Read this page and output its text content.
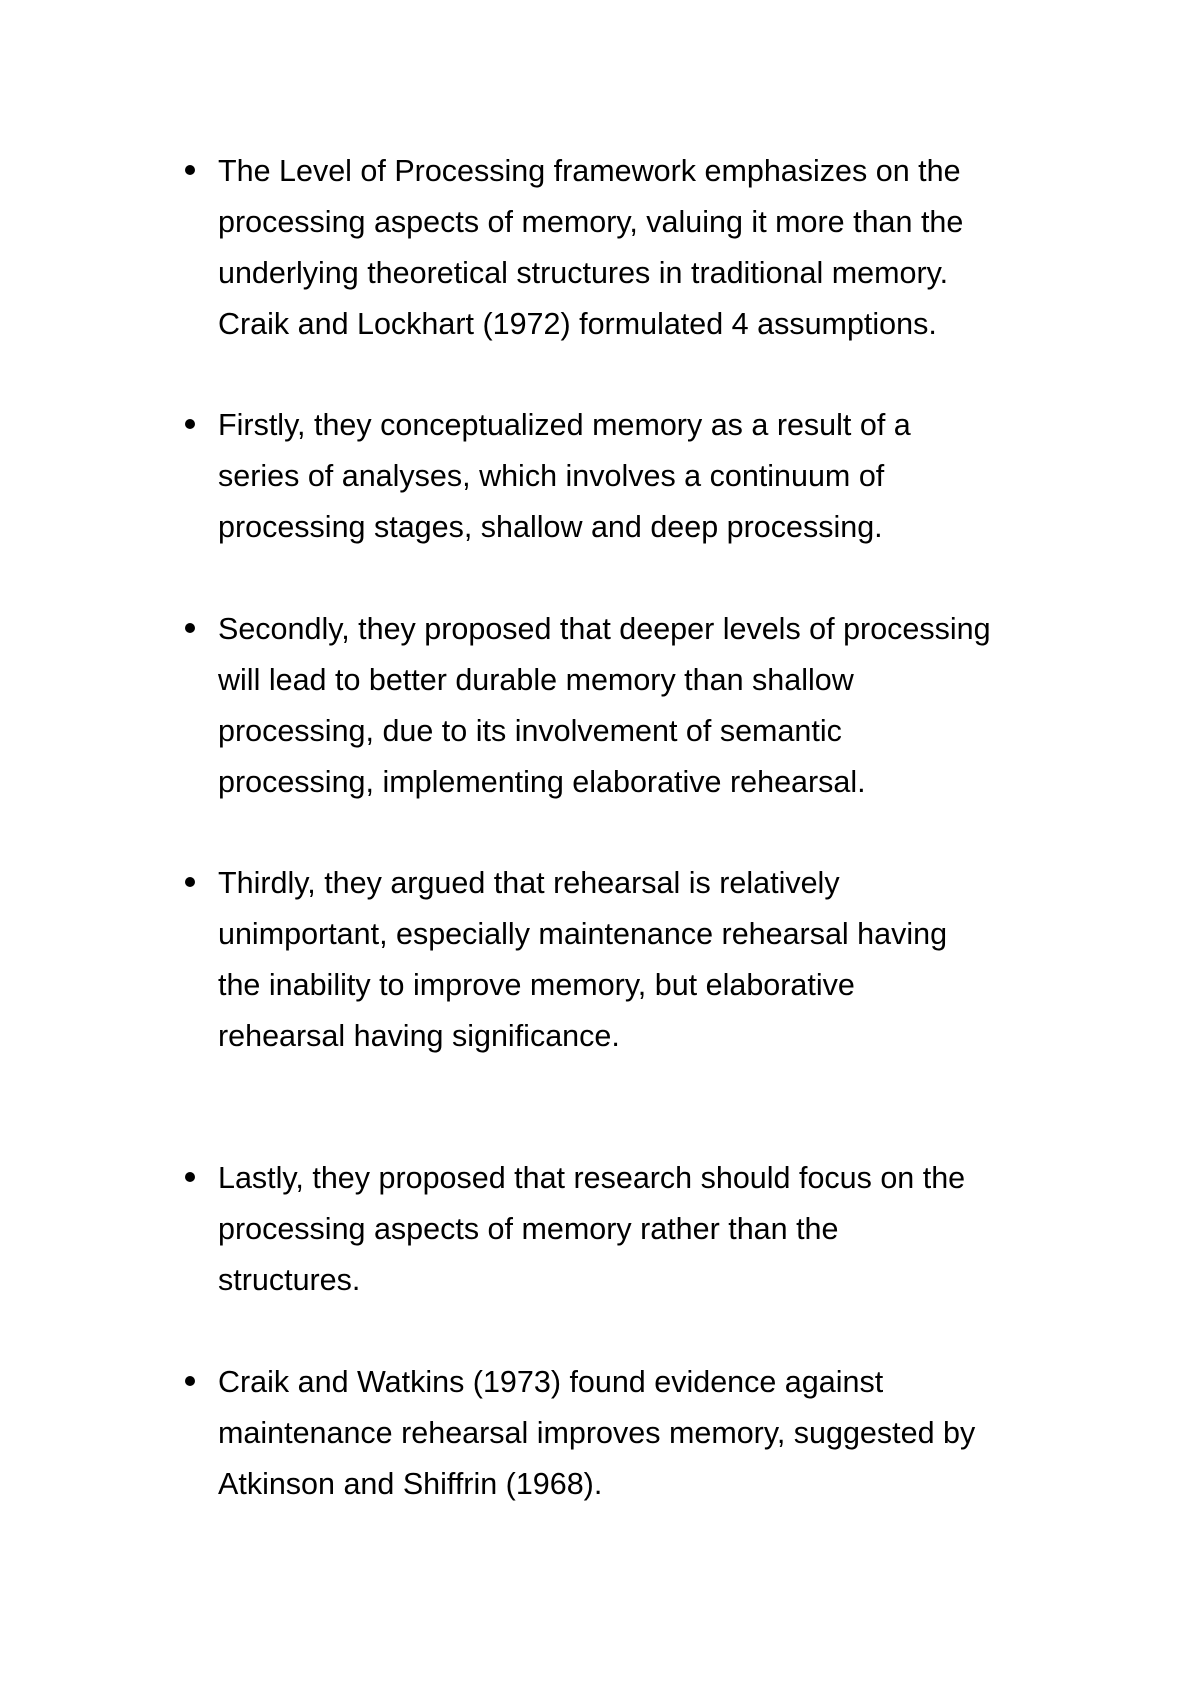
The Level of Processing framework emphasizes on the
processing aspects of memory, valuing it more than the
underlying theoretical structures in traditional memory.
Craik and Lockhart (1972) formulated 4 assumptions.

Firstly, they conceptualized memory as a result of a
series of analyses, which involves a continuum of
processing stages, shallow and deep processing.

Secondly, they proposed that deeper levels of processing
will lead to better durable memory than shallow
processing, due to its involvement of semantic
processing, implementing elaborative rehearsal.

Thirdly, they argued that rehearsal is relatively
unimportant, especially maintenance rehearsal having
the inability to improve memory, but elaborative
rehearsal having significance.

Lastly, they proposed that research should focus on the
processing aspects of memory rather than the
structures.

Craik and Watkins (1973) found evidence against
maintenance rehearsal improves memory, suggested by
Atkinson and Shiffrin (1968).
